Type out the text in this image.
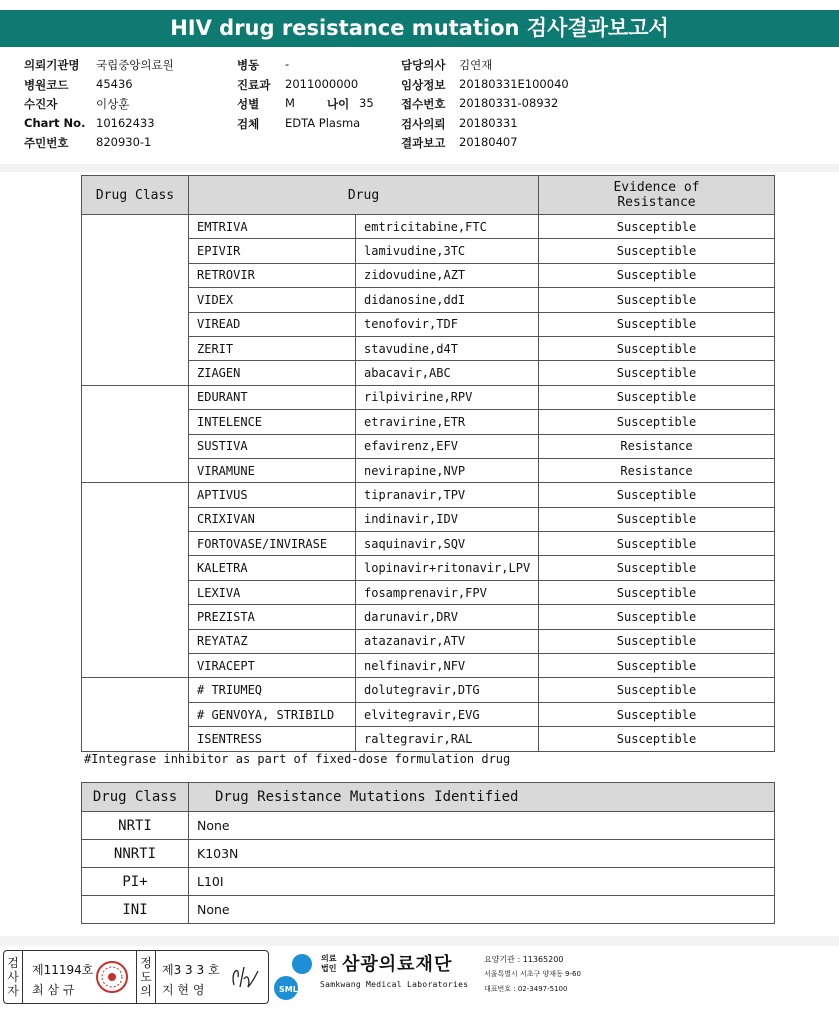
HIV drug resistance mutation 검사결과보고서
의뢰기관명	국립중앙의료원
병원코드	45436
수진자	이상훈
Chart No. 10162433
주민번호	820930-1
병동	-
진료과	2011000000
성별	M	나이 35
검체	EDTA Plasma
담당의사	김연재
임상정보	20180331E100040
접수번호	20180331-08932
검사의뢰	20180331
결과보고	20180407
Drug Class	Drug		Evidence of
Resistance
	EMTRIVA	emtricitabine,FTC	Susceptible
	EPIVIR	lamivudine,3TC	Susceptible
	RETROVIR	zidovudine,AZT	Susceptible
	VIDEX	didanosine,ddI	Susceptible
	VIREAD	tenofovir,TDF	Susceptible
	ZERIT	stavudine,d4T	Susceptible
	ZIAGEN	abacavir,ABC	Susceptible
	EDURANT	rilpivirine,RPV	Susceptible
	INTELENCE	etravirine,ETR	Susceptible
	SUSTIVA	efavirenz,EFV	Resistance
	VIRAMUNE	nevirapine,NVP	Resistance
	APTIVUS	tipranavir,TPV	Susceptible
	CRIXIVAN	indinavir,IDV	Susceptible
	FORTOVASE/INVIRASE	saquinavir,SQV	Susceptible
	KALETRA	lopinavir+ritonavir,LPV	Susceptible
	LEXIVA	fosamprenavir,FPV	Susceptible
	PREZISTA	darunavir,DRV	Susceptible
	REYATAZ	atazanavir,ATV	Susceptible
	VIRACEPT	nelfinavir,NFV	Susceptible
	# TRIUMEQ	dolutegravir,DTG	Susceptible
	# GENVOYA, STRIBILD	elvitegravir,EVG	Susceptible
	ISENTRESS	raltegravir,RAL	Susceptible
#Integrase inhibitor as part of fixed-dose formulation drug
Drug Class	Drug Resistance Mutations Identified
NRTI	None
NNRTI	K103N
PI+	L10I
INI	None
검
사
자
제11194호
최 삼 규
정
도
의
제3 3 3 호
지 현 영	SML
의료
법인 삼광의료재단
Samkwang Medical Laboratories
요양기관 : 11365200
서울특별시 서초구 양재동 9-60
대표번호 : 02-3497-5100
